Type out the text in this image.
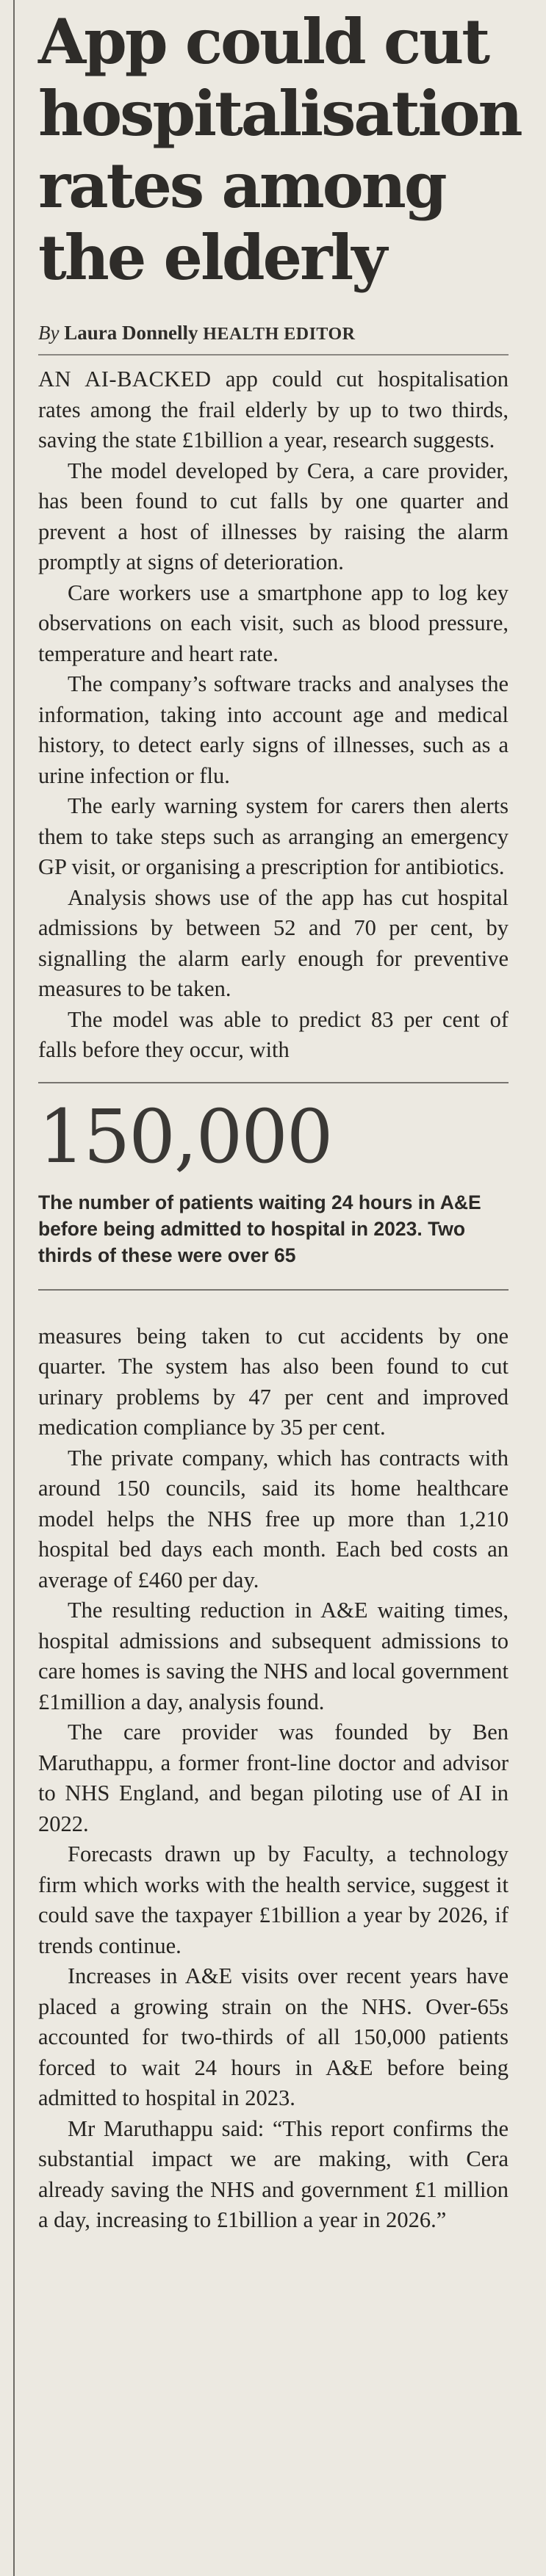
App could cut
hospitalisation
rates among
the elderly
By Laura Donnelly HEALTH EDITOR

AN AI-BACKED app could cut hospitalisation rates among the frail elderly by up to two thirds, saving the state £1billion a year, research suggests.

The model developed by Cera, a care provider, has been found to cut falls by one quarter and prevent a host of illnesses by raising the alarm promptly at signs of deterioration.

Care workers use a smartphone app to log key observations on each visit, such as blood pressure, temperature and heart rate.

The company’s software tracks and analyses the information, taking into account age and medical history, to detect early signs of illnesses, such as a urine infection or flu.

The early warning system for carers then alerts them to take steps such as arranging an emergency GP visit, or organising a prescription for antibiotics.

Analysis shows use of the app has cut hospital admissions by between 52 and 70 per cent, by signalling the alarm early enough for preventive measures to be taken.

The model was able to predict 83 per cent of falls before they occur, with

150,000
The number of patients waiting 24 hours in A&E before being admitted to hospital in 2023. Two thirds of these were over 65

measures being taken to cut accidents by one quarter. The system has also been found to cut urinary problems by 47 per cent and improved medication compliance by 35 per cent.

The private company, which has contracts with around 150 councils, said its home healthcare model helps the NHS free up more than 1,210 hospital bed days each month. Each bed costs an average of £460 per day.

The resulting reduction in A&E waiting times, hospital admissions and subsequent admissions to care homes is saving the NHS and local government £1million a day, analysis found.

The care provider was founded by Ben Maruthappu, a former front-line doctor and advisor to NHS England, and began piloting use of AI in 2022.

Forecasts drawn up by Faculty, a technology firm which works with the health service, suggest it could save the taxpayer £1billion a year by 2026, if trends continue.

Increases in A&E visits over recent years have placed a growing strain on the NHS. Over-65s accounted for two-thirds of all 150,000 patients forced to wait 24 hours in A&E before being admitted to hospital in 2023.

Mr Maruthappu said: “This report confirms the substantial impact we are making, with Cera already saving the NHS and government £1 million a day, increasing to £1billion a year in 2026.”
